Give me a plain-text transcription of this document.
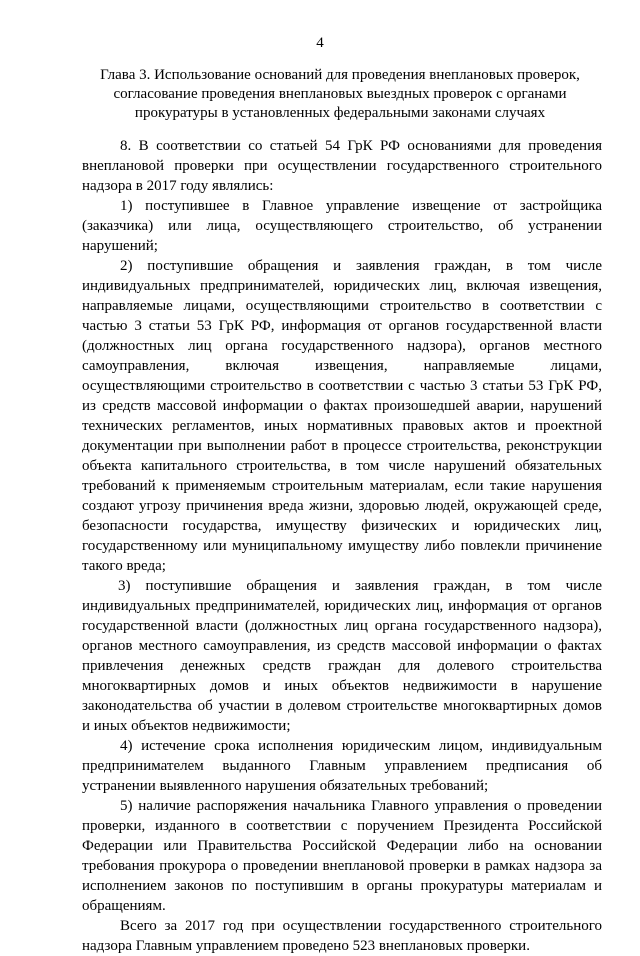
4
Глава 3. Использование оснований для проведения внеплановых проверок,
согласование проведения внеплановых выездных проверок с органами
прокуратуры в установленных федеральными законами случаях
8. В соответствии со статьей 54 ГрК РФ основаниями для проведения
внеплановой проверки при осуществлении государственного строительного
надзора в 2017 году являлись:
1) поступившее в Главное управление извещение от застройщика
(заказчика) или лица, осуществляющего строительство, об устранении
нарушений;
2) поступившие обращения и заявления граждан, в том числе
индивидуальных предпринимателей, юридических лиц, включая извещения,
направляемые лицами, осуществляющими строительство в соответствии с
частью 3 статьи 53 ГрК РФ, информация от органов государственной власти
(должностных лиц органа государственного надзора), органов местного
самоуправления, включая извещения, направляемые лицами,
осуществляющими строительство в соответствии с частью 3 статьи 53 ГрК РФ,
из средств массовой информации о фактах произошедшей аварии, нарушений
технических регламентов, иных нормативных правовых актов и проектной
документации при выполнении работ в процессе строительства, реконструкции
объекта капитального строительства, в том числе нарушений обязательных
требований к применяемым строительным материалам, если такие нарушения
создают угрозу причинения вреда жизни, здоровью людей, окружающей среде,
безопасности государства, имуществу физических и юридических лиц,
государственному или муниципальному имуществу либо повлекли причинение
такого вреда;
3) поступившие обращения и заявления граждан, в том числе
индивидуальных предпринимателей, юридических лиц, информация от органов
государственной власти (должностных лиц органа государственного надзора),
органов местного самоуправления, из средств массовой информации о фактах
привлечения денежных средств граждан для долевого строительства
многоквартирных домов и иных объектов недвижимости в нарушение
законодательства об участии в долевом строительстве многоквартирных домов
и иных объектов недвижимости;
4) истечение срока исполнения юридическим лицом, индивидуальным
предпринимателем выданного Главным управлением предписания об
устранении выявленного нарушения обязательных требований;
5) наличие распоряжения начальника Главного управления о проведении
проверки, изданного в соответствии с поручением Президента Российской
Федерации или Правительства Российской Федерации либо на основании
требования прокурора о проведении внеплановой проверки в рамках надзора за
исполнением законов по поступившим в органы прокуратуры материалам и
обращениям.
Всего за 2017 год при осуществлении государственного строительного
надзора Главным управлением проведено 523 внеплановых проверки.
